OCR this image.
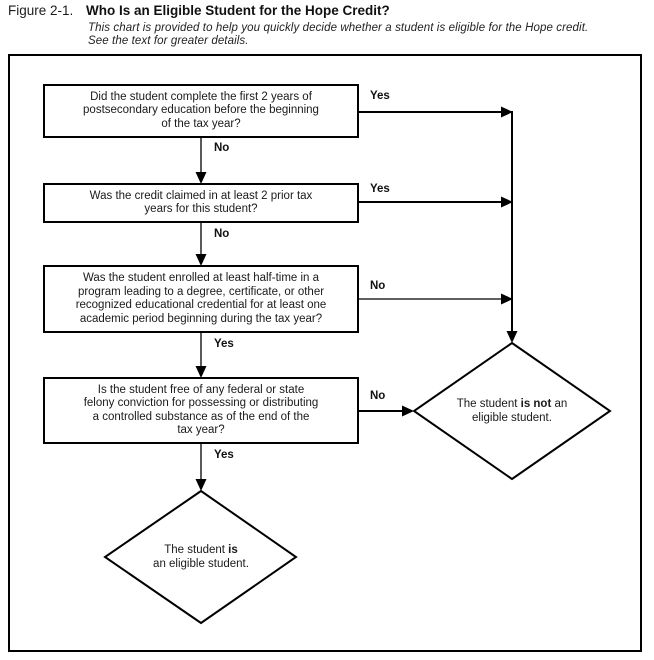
Figure 2-1. Who Is an Eligible Student for the Hope Credit?
This chart is provided to help you quickly decide whether a student is eligible for the Hope credit.
See the text for greater details.
Did the student complete the first 2 years of
postsecondary education before the beginning
of the tax year?
Was the credit claimed in at least 2 prior tax
years for this student?
Was the student enrolled at least half-time in a
program leading to a degree, certificate, or other
recognized educational credential for at least one
academic period beginning during the tax year?
Is the student free of any federal or state
felony conviction for possessing or distributing
a controlled substance as of the end of the
tax year?
Yes
No
Yes
No
No
Yes
No
Yes
The student is not an
eligible student.
The student is
an eligible student.
